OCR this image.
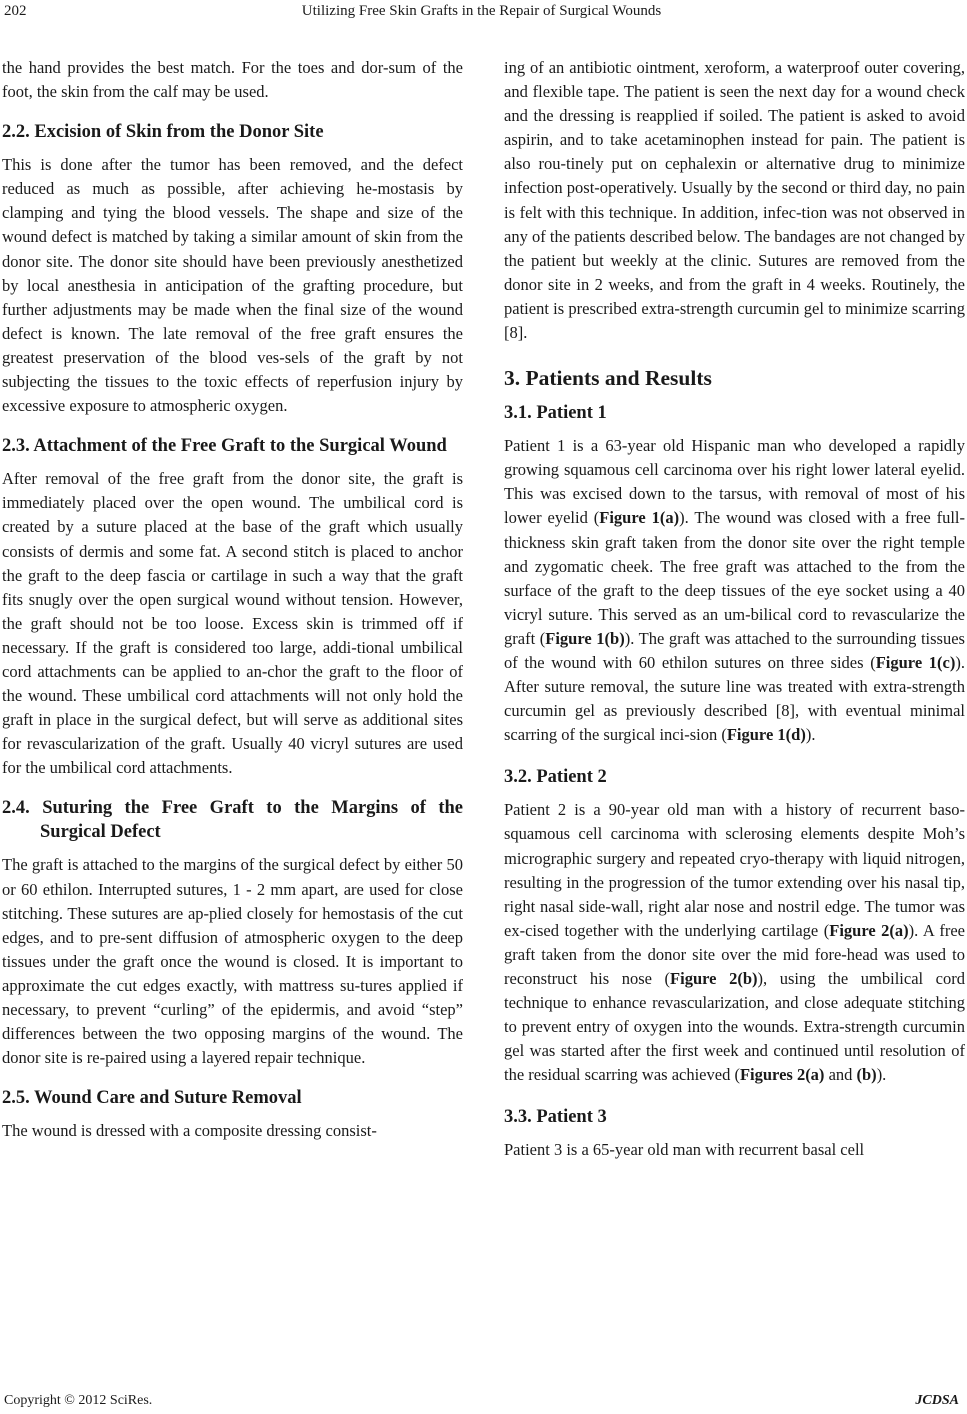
202	Utilizing Free Skin Grafts in the Repair of Surgical Wounds

the hand provides the best match. For the toes and dor-sum of the foot, the skin from the calf may be used.

2.2. Excision of Skin from the Donor Site

This is done after the tumor has been removed, and the defect reduced as much as possible, after achieving he-mostasis by clamping and tying the blood vessels. The shape and size of the wound defect is matched by taking a similar amount of skin from the donor site. The donor site should have been previously anesthetized by local anesthesia in anticipation of the grafting procedure, but further adjustments may be made when the final size of the wound defect is known. The late removal of the free graft ensures the greatest preservation of the blood ves-sels of the graft by not subjecting the tissues to the toxic effects of reperfusion injury by excessive exposure to atmospheric oxygen.

2.3. Attachment of the Free Graft to the Surgical Wound

After removal of the free graft from the donor site, the graft is immediately placed over the open wound. The umbilical cord is created by a suture placed at the base of the graft which usually consists of dermis and some fat. A second stitch is placed to anchor the graft to the deep fascia or cartilage in such a way that the graft fits snugly over the open surgical wound without tension. However, the graft should not be too loose. Excess skin is trimmed off if necessary. If the graft is considered too large, addi-tional umbilical cord attachments can be applied to an-chor the graft to the floor of the wound. These umbilical cord attachments will not only hold the graft in place in the surgical defect, but will serve as additional sites for revascularization of the graft. Usually 40 vicryl sutures are used for the umbilical cord attachments.

2.4. Suturing the Free Graft to the Margins of the Surgical Defect

The graft is attached to the margins of the surgical defect by either 50 or 60 ethilon. Interrupted sutures, 1 - 2 mm apart, are used for close stitching. These sutures are ap-plied closely for hemostasis of the cut edges, and to pre-sent diffusion of atmospheric oxygen to the deep tissues under the graft once the wound is closed. It is important to approximate the cut edges exactly, with mattress su-tures applied if necessary, to prevent “curling” of the epidermis, and avoid “step” differences between the two opposing margins of the wound. The donor site is re-paired using a layered repair technique.

2.5. Wound Care and Suture Removal

The wound is dressed with a composite dressing consist-

ing of an antibiotic ointment, xeroform, a waterproof outer covering, and flexible tape. The patient is seen the next day for a wound check and the dressing is reapplied if soiled. The patient is asked to avoid aspirin, and to take acetaminophen instead for pain. The patient is also rou-tinely put on cephalexin or alternative drug to minimize infection post-operatively. Usually by the second or third day, no pain is felt with this technique. In addition, infec-tion was not observed in any of the patients described below. The bandages are not changed by the patient but weekly at the clinic. Sutures are removed from the donor site in 2 weeks, and from the graft in 4 weeks. Routinely, the patient is prescribed extra-strength curcumin gel to minimize scarring [8].

3. Patients and Results
3.1. Patient 1

Patient 1 is a 63-year old Hispanic man who developed a rapidly growing squamous cell carcinoma over his right lower lateral eyelid. This was excised down to the tarsus, with removal of most of his lower eyelid (Figure 1(a)). The wound was closed with a free full-thickness skin graft taken from the donor site over the right temple and zygomatic cheek. The free graft was attached to the from the surface of the graft to the deep tissues of the eye socket using a 40 vicryl suture. This served as an um-bilical cord to revascularize the graft (Figure 1(b)). The graft was attached to the surrounding tissues of the wound with 60 ethilon sutures on three sides (Figure 1(c)). After suture removal, the suture line was treated with extra-strength curcumin gel as previously described [8], with eventual minimal scarring of the surgical inci-sion (Figure 1(d)).

3.2. Patient 2

Patient 2 is a 90-year old man with a history of recurrent baso-squamous cell carcinoma with sclerosing elements despite Moh’s micrographic surgery and repeated cryo-therapy with liquid nitrogen, resulting in the progression of the tumor extending over his nasal tip, right nasal side-wall, right alar nose and nostril edge. The tumor was ex-cised together with the underlying cartilage (Figure 2(a)). A free graft taken from the donor site over the mid fore-head was used to reconstruct his nose (Figure 2(b)), using the umbilical cord technique to enhance revascularization, and close adequate stitching to prevent entry of oxygen into the wounds. Extra-strength curcumin gel was started after the first week and continued until resolution of the residual scarring was achieved (Figures 2(a) and (b)).

3.3. Patient 3

Patient 3 is a 65-year old man with recurrent basal cell

Copyright © 2012 SciRes.	JCDSA
